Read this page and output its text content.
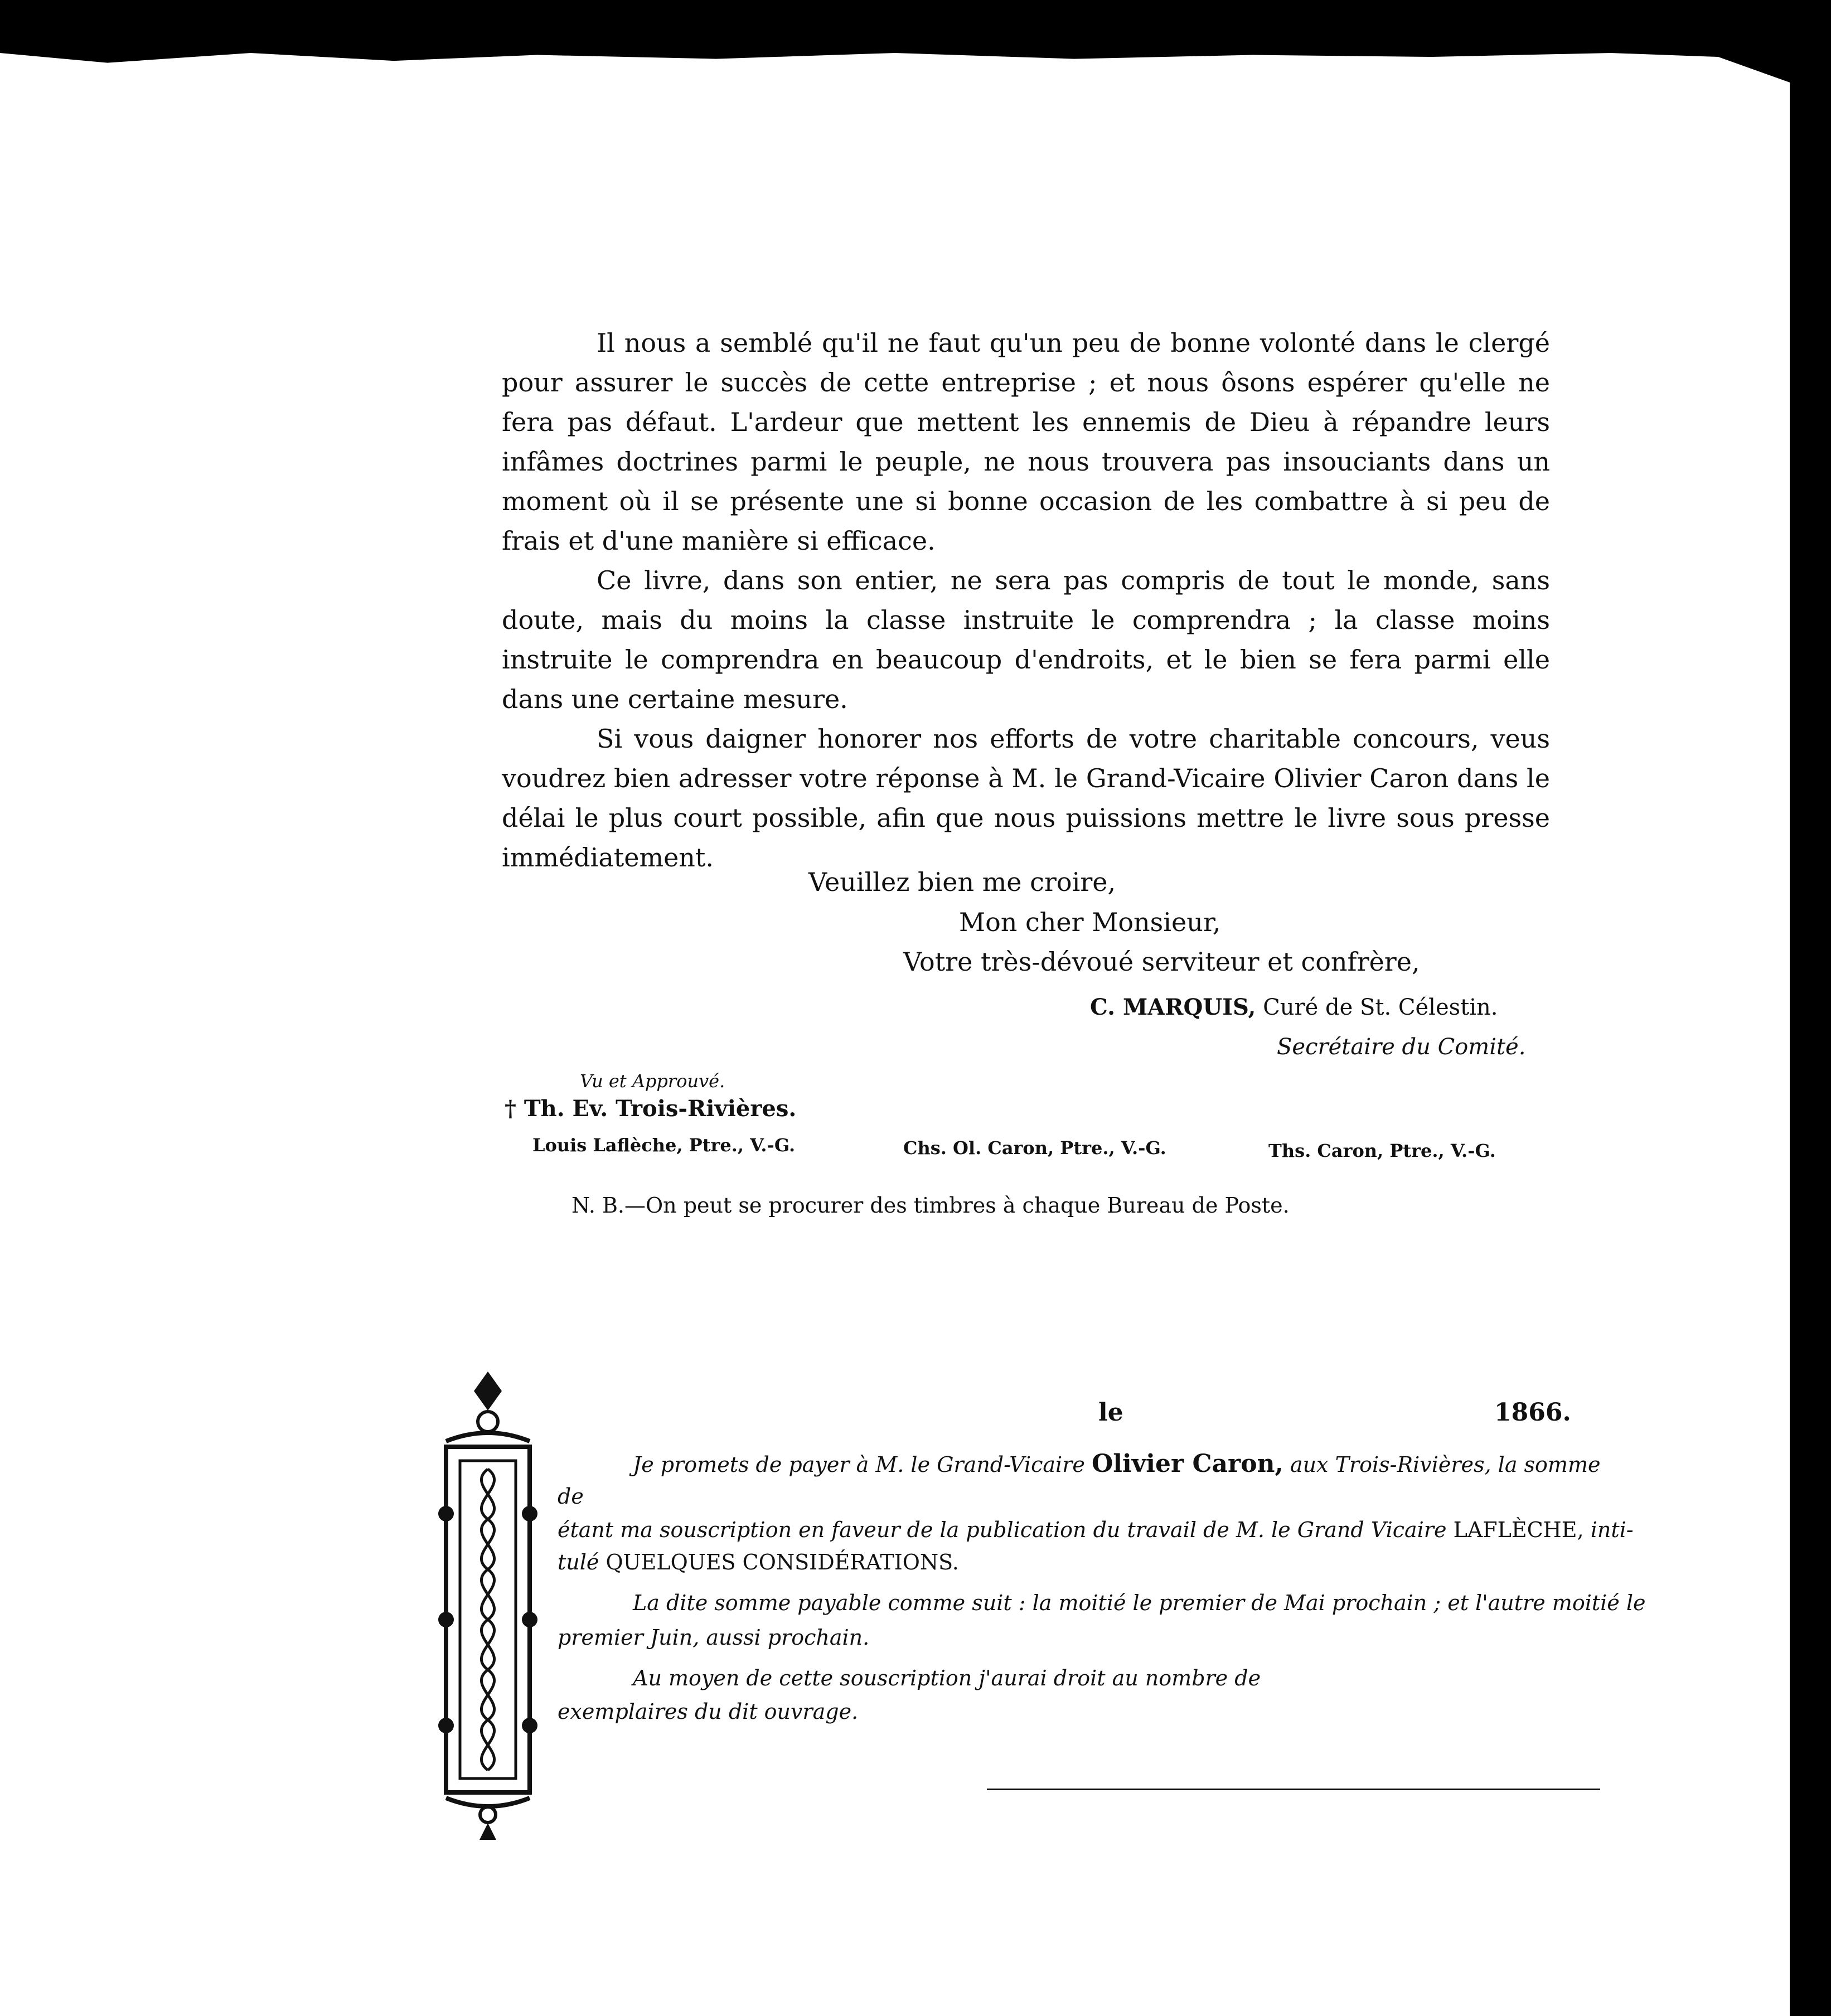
Il nous a semblé qu'il ne faut qu'un peu de bonne volonté dans le clergé pour assurer le succès de cette entreprise ; et nous ôsons espérer qu'elle ne fera pas défaut. L'ardeur que mettent les ennemis de Dieu à répandre leurs infâmes doctrines parmi le peuple, ne nous trouvera pas insouciants dans un moment où il se présente une si bonne occasion de les combattre à si peu de frais et d'une manière si efficace.

Ce livre, dans son entier, ne sera pas compris de tout le monde, sans doute, mais du moins la classe instruite le comprendra ; la classe moins instruite le comprendra en beaucoup d'endroits, et le bien se fera parmi elle dans une certaine mesure.

Si vous daigner honorer nos efforts de votre charitable concours, veus voudrez bien adresser votre réponse à M. le Grand-Vicaire Olivier Caron dans le délai le plus court possible, afin que nous puissions mettre le livre sous presse immédiatement.

Veuillez bien me croire,
Mon cher Monsieur,
Votre très-dévoué serviteur et confrère,
C. MARQUIS, Curé de St. Célestin.
Secrétaire du Comité.
Vu et Approuvé.
† Th. Ev. Trois-Rivières.
Louis Laflèche, Ptre., V.-G.	Chs. Ol. Caron, Ptre., V.-G.	Ths. Caron, Ptre., V.-G.
N. B.—On peut se procurer des timbres à chaque Bureau de Poste.
le	1866.
Je promets de payer à M. le Grand-Vicaire Olivier Caron, aux Trois-Rivières, la somme
de
étant ma souscription en faveur de la publication du travail de M. le Grand Vicaire LAFLÈCHE, inti-
tulé QUELQUES CONSIDÉRATIONS.
La dite somme payable comme suit : la moitié le premier de Mai prochain ; et l'autre moitié le
premier Juin, aussi prochain.
Au moyen de cette souscription j'aurai droit au nombre de
exemplaires du dit ouvrage.
